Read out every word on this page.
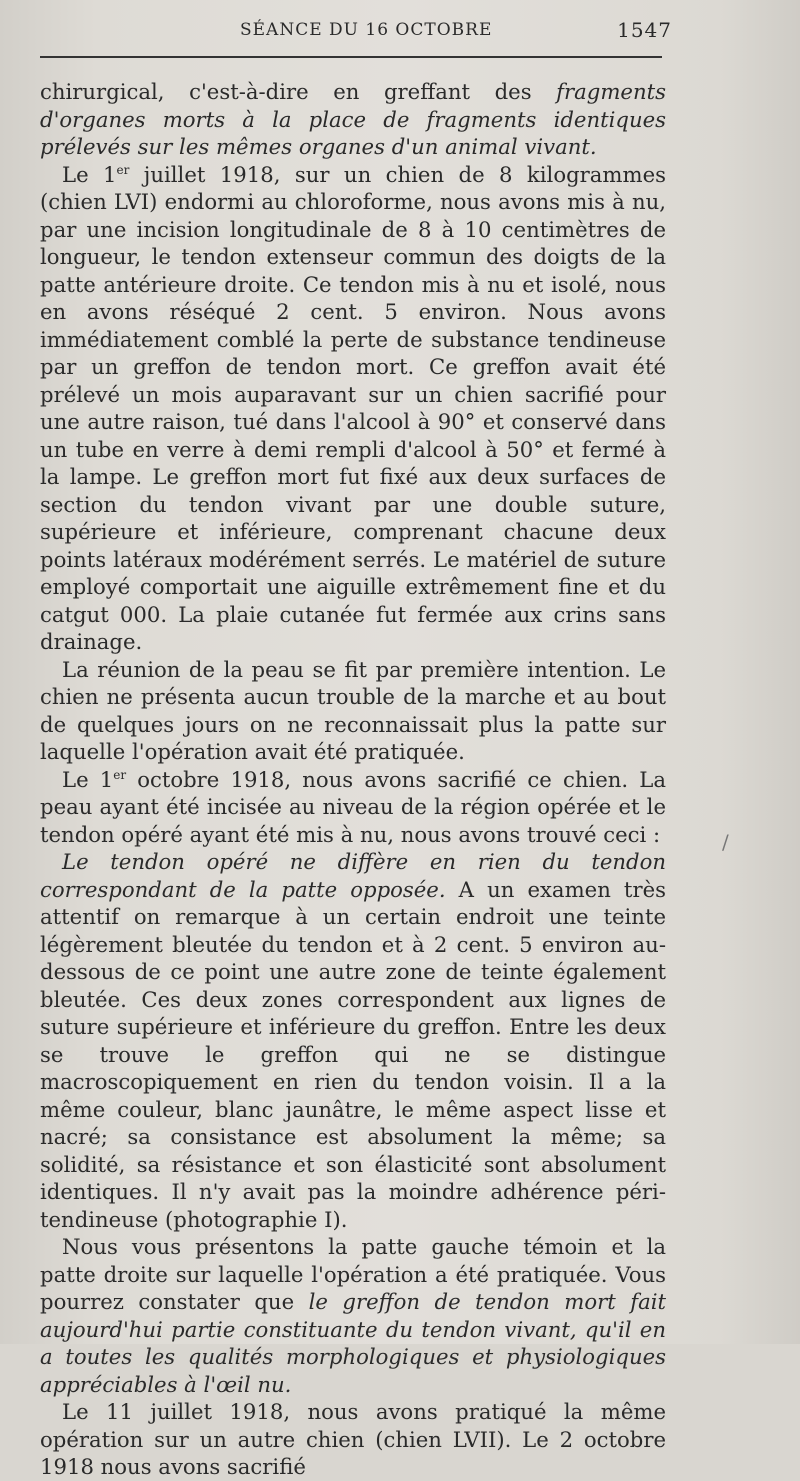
SÉANCE DU 16 OCTOBRE	1547

chirurgical, c'est-à-dire en greffant des fragments d'organes morts à la place de fragments identiques prélevés sur les mêmes organes d'un animal vivant.

Le 1er juillet 1918, sur un chien de 8 kilogrammes (chien LVI) endormi au chloroforme, nous avons mis à nu, par une incision longitudinale de 8 à 10 centimètres de longueur, le tendon extenseur commun des doigts de la patte antérieure droite. Ce tendon mis à nu et isolé, nous en avons réséqué 2 cent. 5 environ. Nous avons immédiatement comblé la perte de substance tendineuse par un greffon de tendon mort. Ce greffon avait été prélevé un mois auparavant sur un chien sacrifié pour une autre raison, tué dans l'alcool à 90° et conservé dans un tube en verre à demi rempli d'alcool à 50° et fermé à la lampe. Le greffon mort fut fixé aux deux surfaces de section du tendon vivant par une double suture, supérieure et inférieure, comprenant chacune deux points latéraux modérément serrés. Le matériel de suture employé comportait une aiguille extrêmement fine et du catgut 000. La plaie cutanée fut fermée aux crins sans drainage.

La réunion de la peau se fit par première intention. Le chien ne présenta aucun trouble de la marche et au bout de quelques jours on ne reconnaissait plus la patte sur laquelle l'opération avait été pratiquée.

Le 1er octobre 1918, nous avons sacrifié ce chien. La peau ayant été incisée au niveau de la région opérée et le tendon opéré ayant été mis à nu, nous avons trouvé ceci :

Le tendon opéré ne diffère en rien du tendon correspondant de la patte opposée. A un examen très attentif on remarque à un certain endroit une teinte légèrement bleutée du tendon et à 2 cent. 5 environ au-dessous de ce point une autre zone de teinte également bleutée. Ces deux zones correspondent aux lignes de suture supérieure et inférieure du greffon. Entre les deux se trouve le greffon qui ne se distingue macroscopiquement en rien du tendon voisin. Il a la même couleur, blanc jaunâtre, le même aspect lisse et nacré; sa consistance est absolument la même; sa solidité, sa résistance et son élasticité sont absolument identiques. Il n'y avait pas la moindre adhérence péri-tendineuse (photographie I).

Nous vous présentons la patte gauche témoin et la patte droite sur laquelle l'opération a été pratiquée. Vous pourrez constater que le greffon de tendon mort fait aujourd'hui partie constituante du tendon vivant, qu'il en a toutes les qualités morphologiques et physiologiques appréciables à l'œil nu.

Le 11 juillet 1918, nous avons pratiqué la même opération sur un autre chien (chien LVII). Le 2 octobre 1918 nous avons sacrifié

/
